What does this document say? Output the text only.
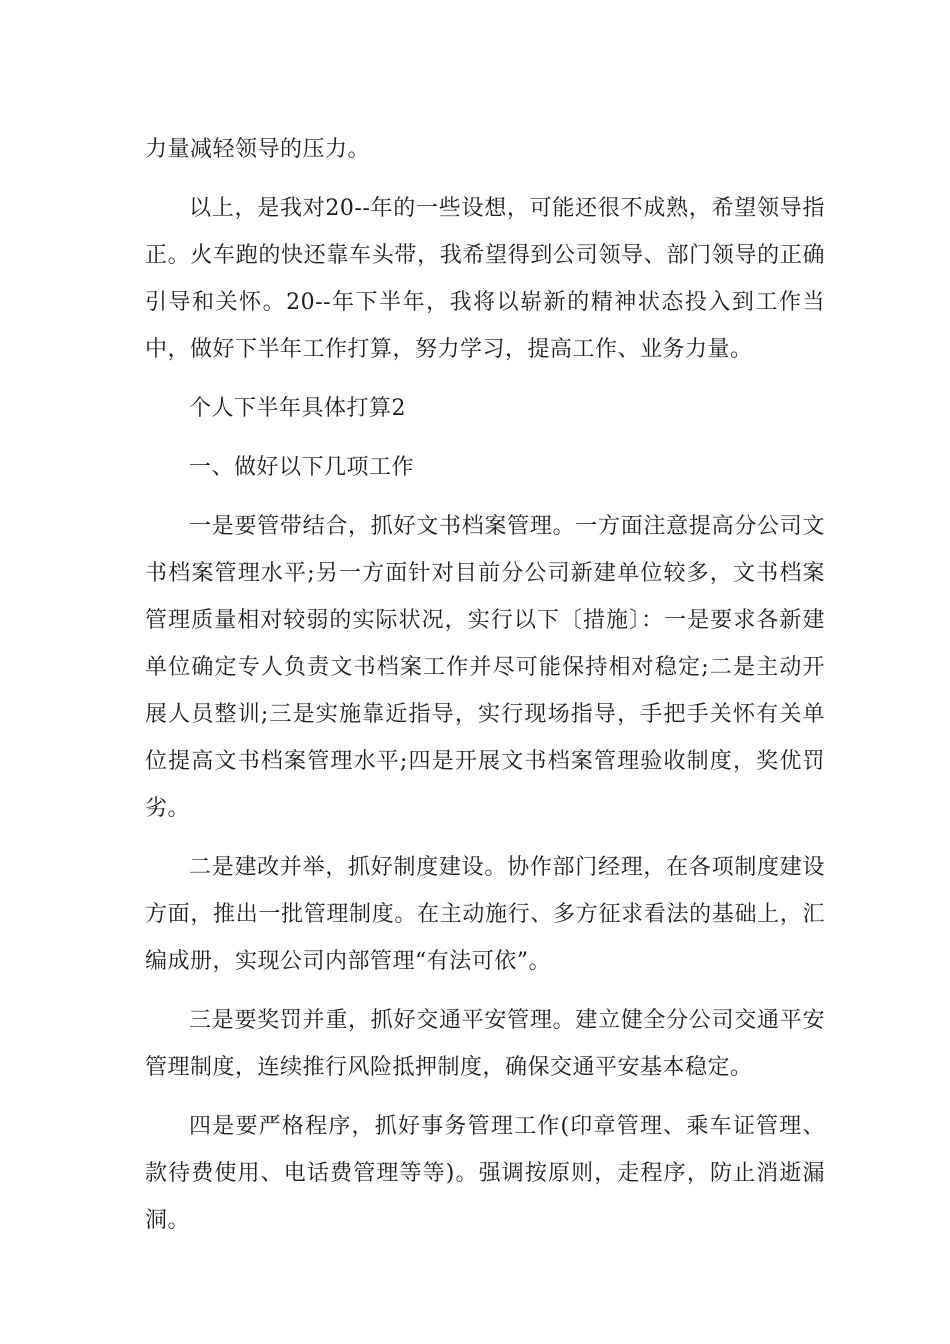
力量减轻领导的压力。

以上，是我对20--年的一些设想，可能还很不成熟，希望领导指正。火车跑的快还靠车头带，我希望得到公司领导、部门领导的正确引导和关怀。20--年下半年，我将以崭新的精神状态投入到工作当中，做好下半年工作打算，努力学习，提高工作、业务力量。

个人下半年具体打算2

一、做好以下几项工作

一是要管带结合，抓好文书档案管理。一方面注意提高分公司文书档案管理水平;另一方面针对目前分公司新建单位较多，文书档案管理质量相对较弱的实际状况，实行以下〔措施〕：一是要求各新建单位确定专人负责文书档案工作并尽可能保持相对稳定;二是主动开展人员整训;三是实施靠近指导，实行现场指导，手把手关怀有关单位提高文书档案管理水平;四是开展文书档案管理验收制度，奖优罚劣。

二是建改并举，抓好制度建设。协作部门经理，在各项制度建设方面，推出一批管理制度。在主动施行、多方征求看法的基础上，汇编成册，实现公司内部管理“有法可依”。

三是要奖罚并重，抓好交通平安管理。建立健全分公司交通平安管理制度，连续推行风险抵押制度，确保交通平安基本稳定。

四是要严格程序，抓好事务管理工作(印章管理、乘车证管理、款待费使用、电话费管理等等)。强调按原则，走程序，防止消逝漏洞。
